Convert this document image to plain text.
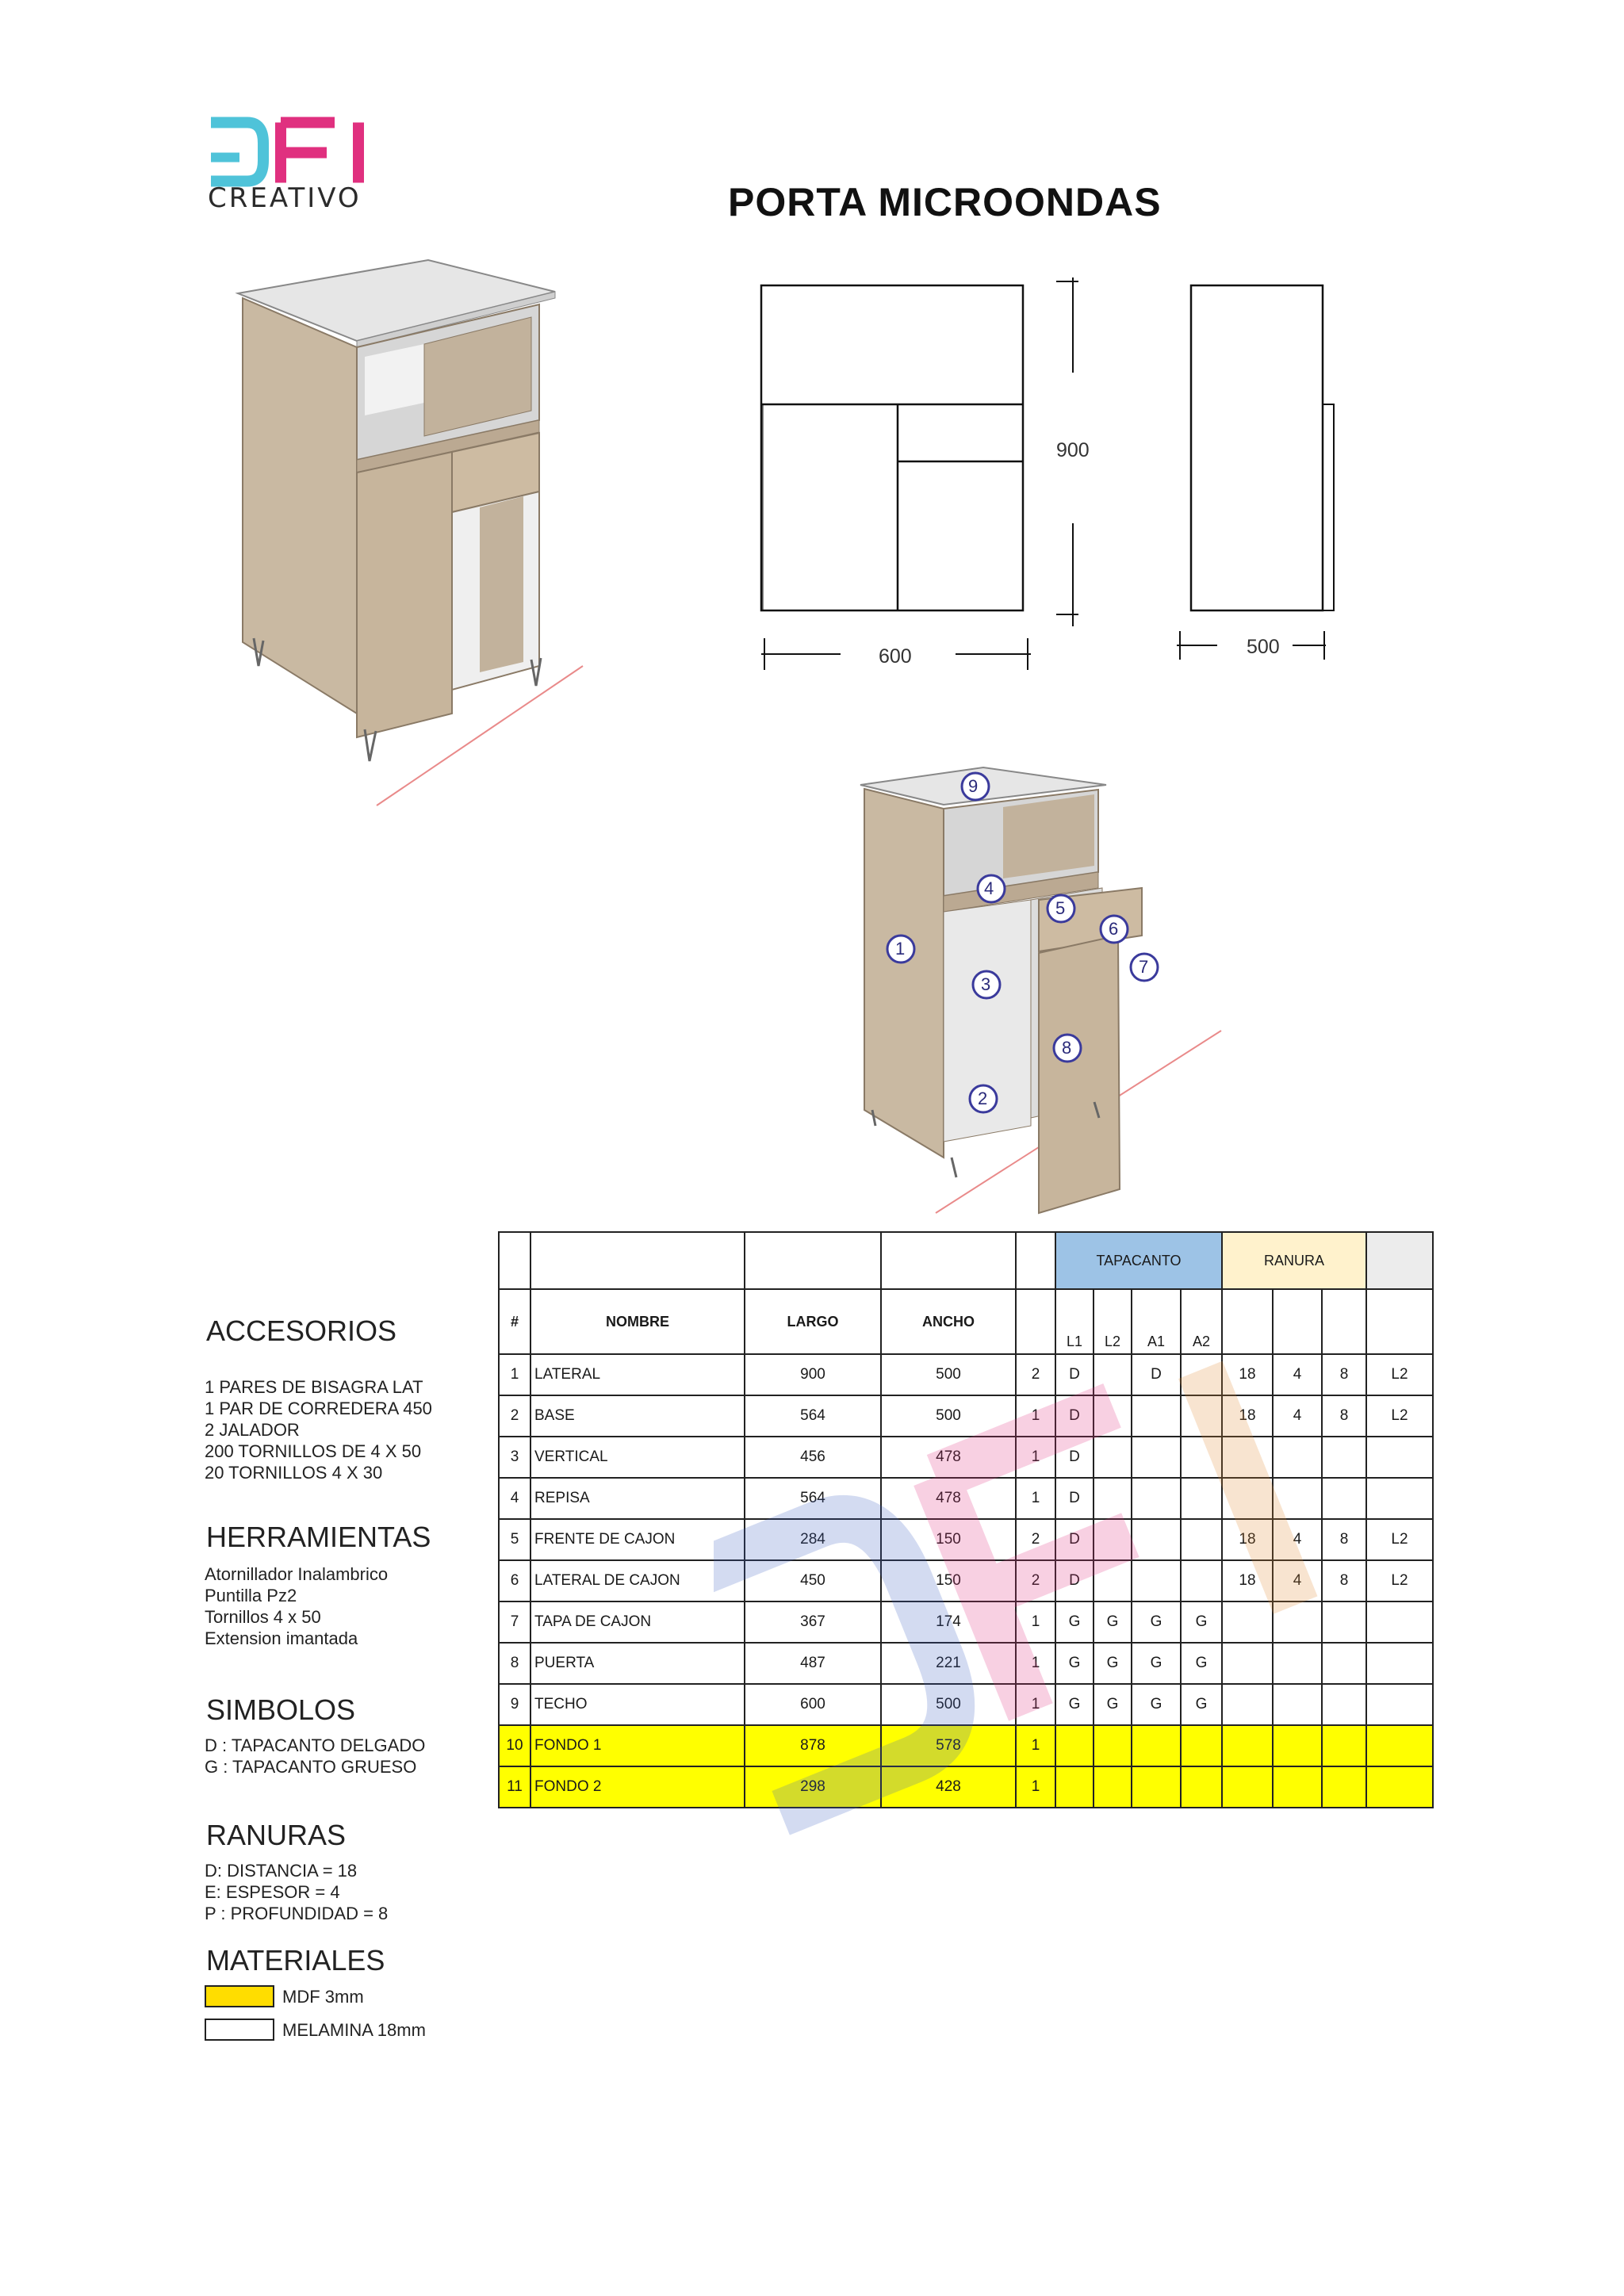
CREATIVO	PORTA MICROONDAS
900
600	500
9
4
5
6
1
3
7
8
2
					TAPACANTO				RANURA			
#	NOMBRE	LARGO	ANCHO		L1	L2	A1	A2				
1	LATERAL	900	500	2	D		D		18	4	8	L2
2	BASE	564	500	1	D				18	4	8	L2
3	VERTICAL	456	478	1	D							
4	REPISA	564	478	1	D							
5	FRENTE DE CAJON	284	150	2	D				18	4	8	L2
6	LATERAL DE CAJON	450	150	2	D				18	4	8	L2
7	TAPA DE CAJON	367	174	1	G	G	G	G				
8	PUERTA	487	221	1	G	G	G	G				
9	TECHO	600	500	1	G	G	G	G				
10	FONDO 1	878	578	1								
11	FONDO 2	298	428	1								
ACCESORIOS
1 PARES DE BISAGRA LAT
1 PAR DE CORREDERA 450
2 JALADOR
200 TORNILLOS DE 4 X 50
20 TORNILLOS 4 X 30
HERRAMIENTAS
Atornillador Inalambrico
Puntilla Pz2
Tornillos 4 x 50
Extension imantada
SIMBOLOS
D : TAPACANTO DELGADO
G : TAPACANTO GRUESO
RANURAS
D: DISTANCIA = 18
E: ESPESOR = 4
P : PROFUNDIDAD = 8
MATERIALES
MDF 3mm
MELAMINA 18mm
